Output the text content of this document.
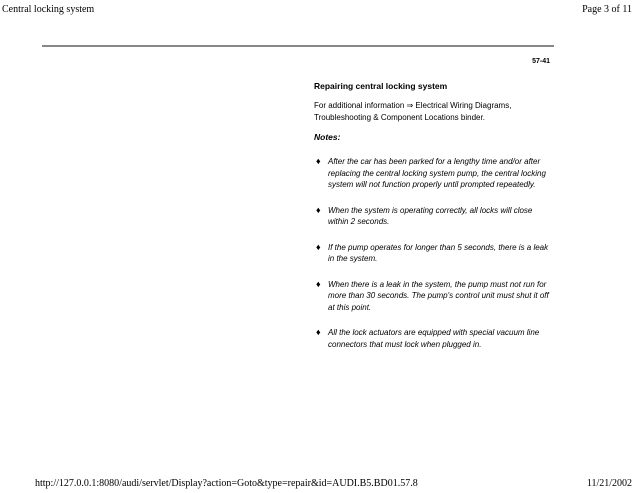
Central locking system	Page 3 of 11
57-41
Repairing central locking system
For additional information ⇒ Electrical Wiring Diagrams, Troubleshooting & Component Locations binder.
Notes:
♦ After the car has been parked for a lengthy time and/or after replacing the central locking system pump, the central locking system will not function properly until prompted repeatedly.
♦ When the system is operating correctly, all locks will close within 2 seconds.
♦ If the pump operates for longer than 5 seconds, there is a leak in the system.
♦ When there is a leak in the system, the pump must not run for more than 30 seconds. The pump's control unit must shut it off at this point.
♦ All the lock actuators are equipped with special vacuum line connectors that must lock when plugged in.
http://127.0.0.1:8080/audi/servlet/Display?action=Goto&type=repair&id=AUDI.B5.BD01.57.8	11/21/2002
